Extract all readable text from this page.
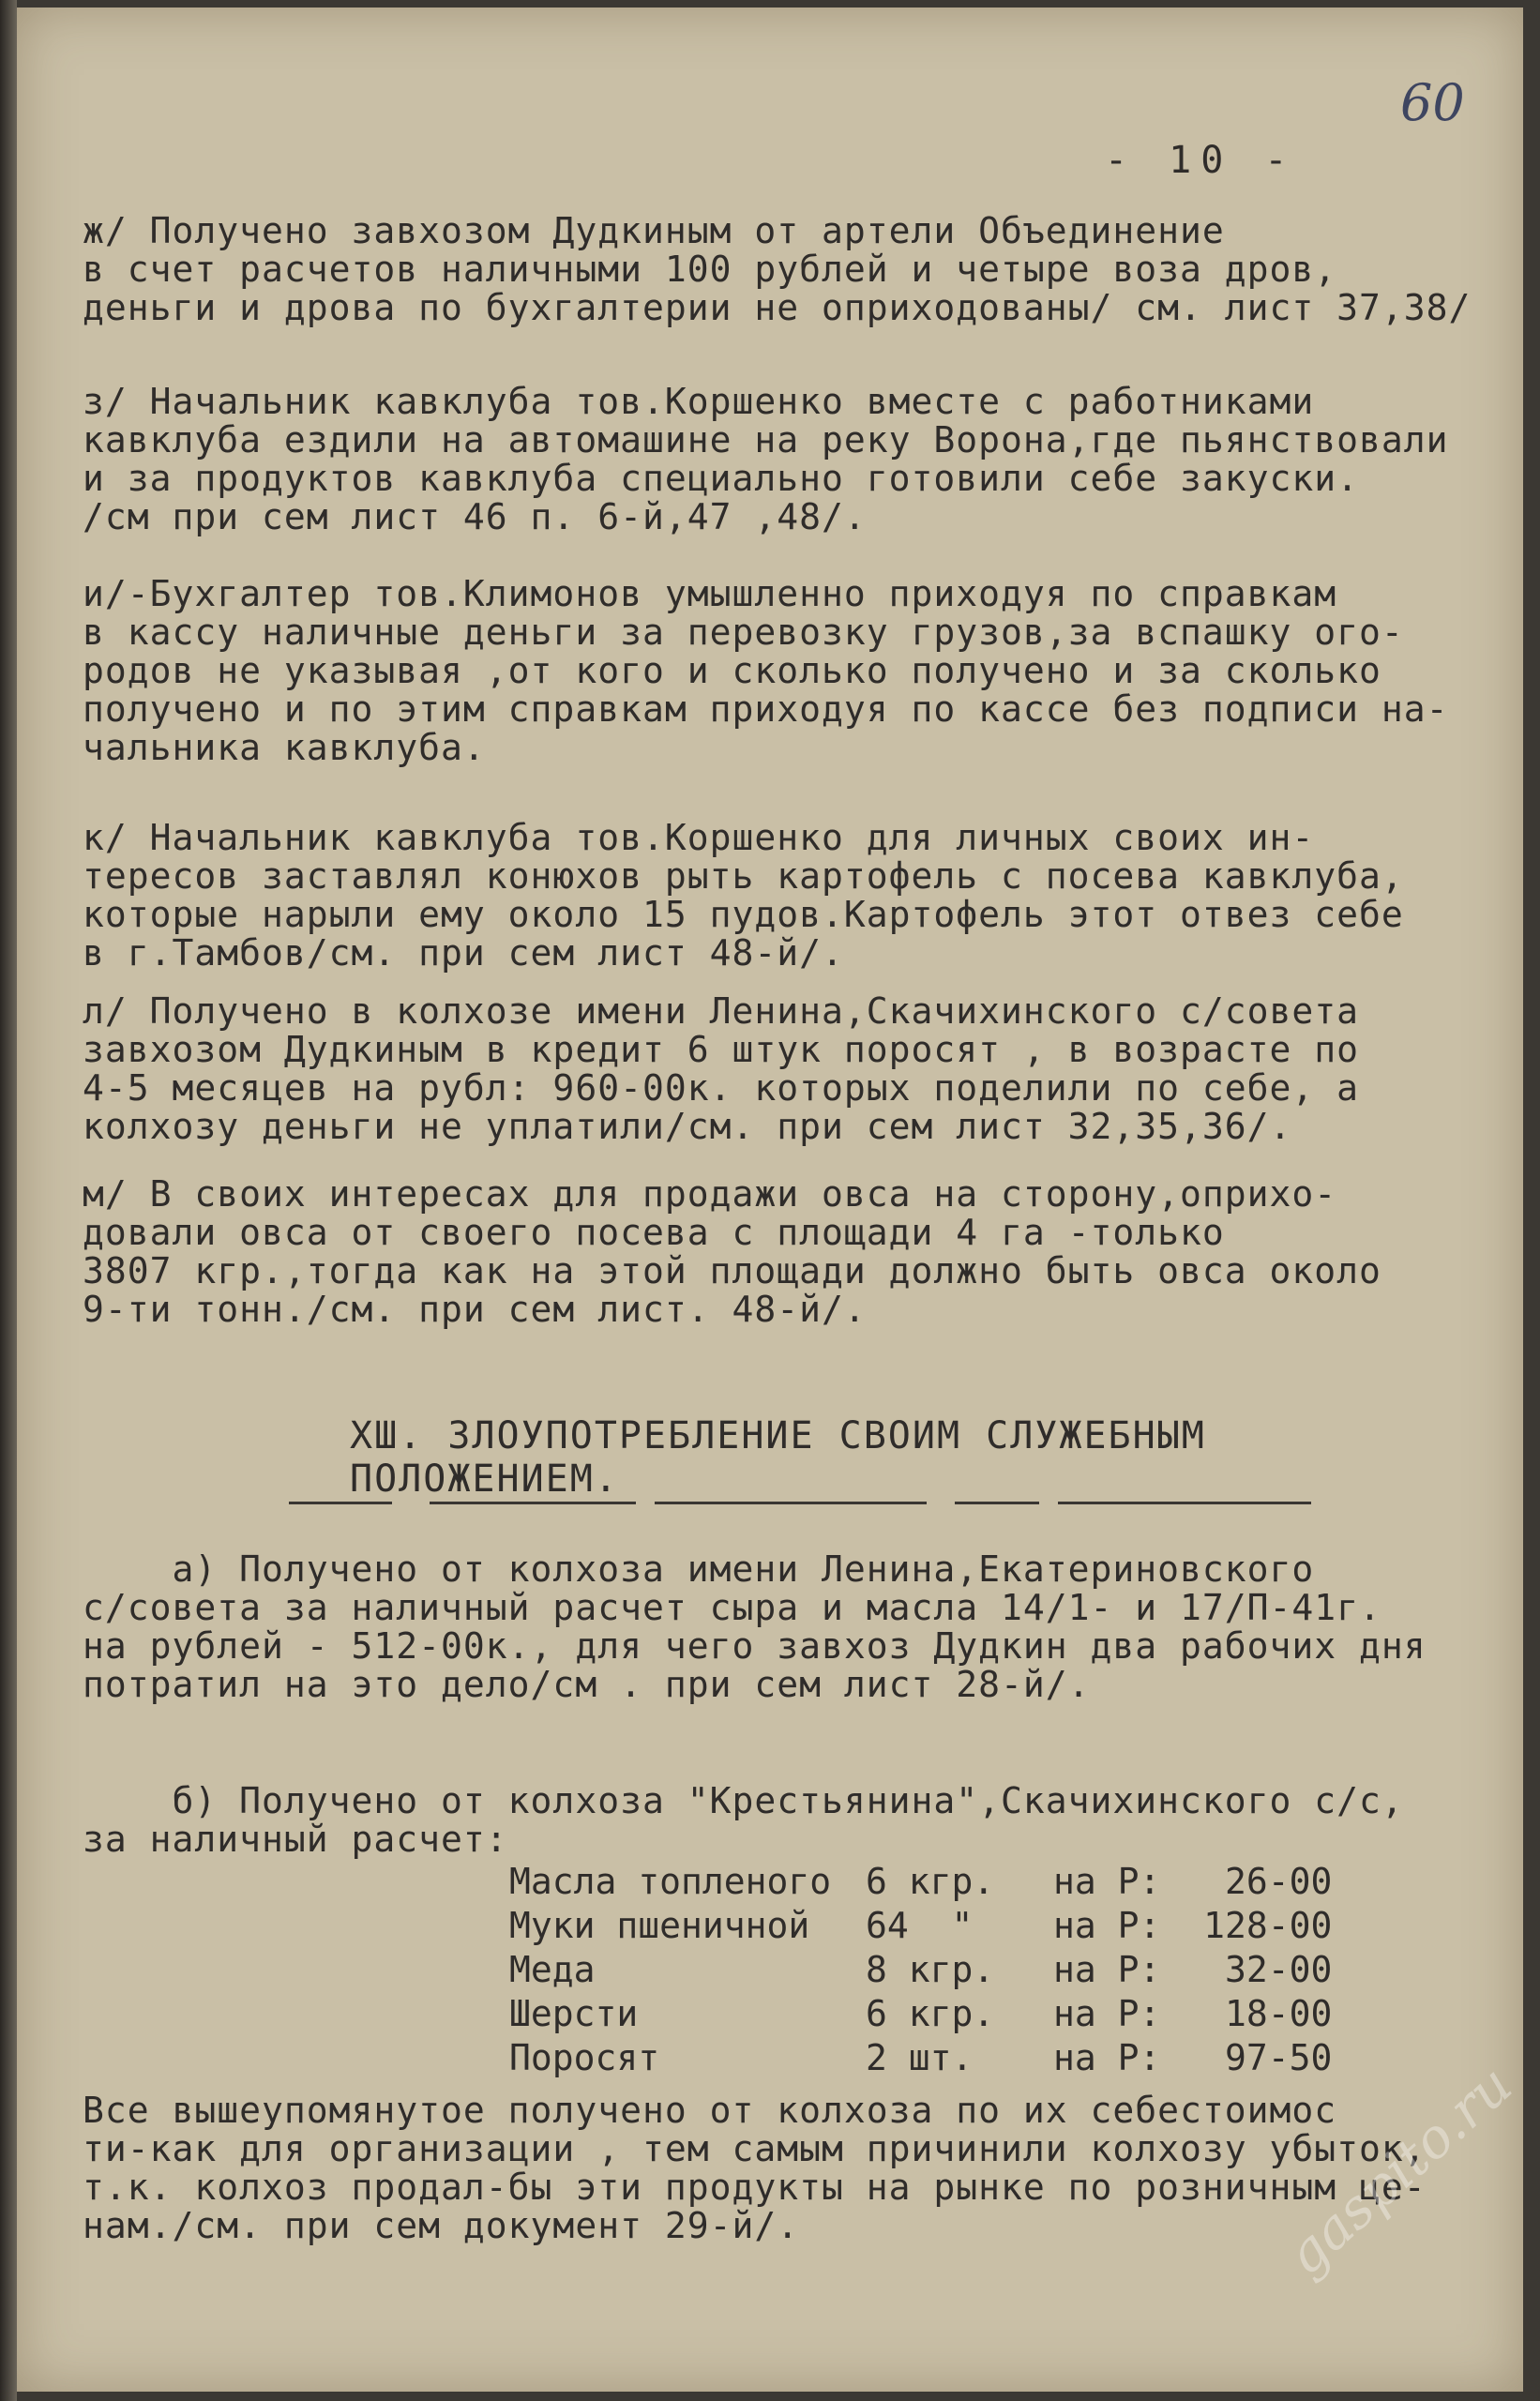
60
- 10 -
ж/ Получено завхозом Дудкиным от артели Объединение
в счет расчетов наличными 100 рублей и четыре воза дров,
деньги и дрова по бухгалтерии не оприходованы/ см. лист 37,38/
з/ Начальник кавклуба тов.Коршенко вместе с работниками
кавклуба ездили на автомашине на реку Ворона,где пьянствовали
и за продуктов кавклуба специально готовили себе закуски.
/см при сем лист 46 п. 6-й,47 ,48/.
и/-Бухгалтер тов.Климонов умышленно приходуя по справкам
в кассу наличные деньги за перевозку грузов,за вспашку ого-
родов не указывая ,от кого и сколько получено и за сколько
получено и по этим справкам приходуя по кассе без подписи на-
чальника кавклуба.
к/ Начальник кавклуба тов.Коршенко для личных своих ин-
тересов заставлял конюхов рыть картофель с посева кавклуба,
которые нарыли ему около 15 пудов.Картофель этот отвез себе
в г.Тамбов/см. при сем лист 48-й/.
л/ Получено в колхозе имени Ленина,Скачихинского с/совета
завхозом Дудкиным в кредит 6 штук поросят , в возрасте по
4-5 месяцев на рубл: 960-00к. которых поделили по себе, а
колхозу деньги не уплатили/см. при сем лист 32,35,36/.
м/ В своих интересах для продажи овса на сторону,оприхо-
довали овса от своего посева с площади 4 га -только
3807 кгр.,тогда как на этой площади должно быть овса около
9-ти тонн./см. при сем лист. 48-й/.
ХШ. ЗЛОУПОТРЕБЛЕНИЕ СВОИМ СЛУЖЕБНЫМ
ПОЛОЖЕНИЕМ.
а) Получено от колхоза имени Ленина,Екатериновского
с/совета за наличный расчет сыра и масла 14/1- и 17/П-41г.
на рублей - 512-00к., для чего завхоз Дудкин два рабочих дня
потратил на это дело/см . при сем лист 28-й/.
б) Получено от колхоза "Крестьянина",Скачихинского с/с,
за наличный расчет:
Масла топленого 6 кгр.	на Р:   26-00
Муки пшеничной	64  "	на Р:  128-00
Меда	8 кгр.	на Р:   32-00
Шерсти	6 кгр.	на Р:   18-00
Поросят	2 шт.	на Р:   97-50
Все вышеупомянутое получено от колхоза по их себестоимос
ти-как для организации , тем самым причинили колхозу убыток,
т.к. колхоз продал-бы эти продукты на рынке по розничным це-
нам./см. при сем документ 29-й/.	gaspito.ru
